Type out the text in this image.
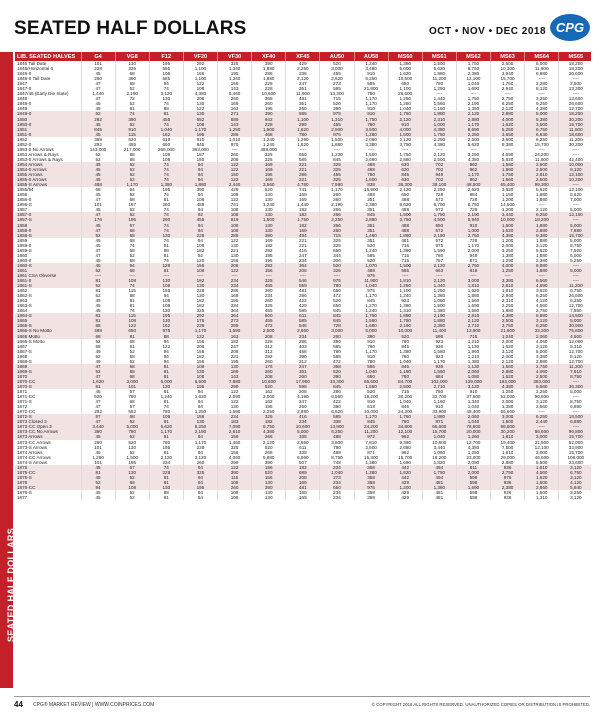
SEATED HALF DOLLARS	OCT • NOV • DEC 2018 CPG
SEATED HALF DOLLARS
LIB. SEATED HALVES	G4	VG8	F12	VF20	VF30	XF40	XF45	AU50	AU58	MS60	MS61	MS62	MS63	MS64	MS65
1846 Tall Date	101	130	195	292	325	390	429	520	1,240	1,380	1,500	1,750	2,500	5,000	18,200
1846/Horizontal 6	228	325	585	1,100	1,340	1,880	2,250	3,000	3,480	5,000	5,620	6,750	10,300	11,800	18,200
1846-0	45	68	108	156	195	286	338	455	910	1,620	1,880	2,380	3,940	6,880	20,600
1846-0 Tall Date	260	390	585	1,100	1,340	1,880	2,120	2,620	6,250	10,600	11,200	12,100	15,700	----	----
1847	47	68	94	122	156	228	247	273	585	650	780	1,040	1,750	2,280	2,500
1847-0	47	52	74	108	143	228	351	585	21,800	1,100	1,250	1,690	2,940	8,120	13,300
1847/46 (Early Die State)	1,440	2,190	3,120	4,380	6,460	10,600	11,800	13,300	780	26,600	----	----	----	----	----
1848	47	72	130	208	260	358	481	715	1,170	1,250	1,440	1,750	2,750	3,250	13,600
1848-0	45	52	74	130	169	260	351	520	1,170	1,250	1,560	2,190	6,250	9,250	26,600
1849	45	81	88	122	163	195	260	390	910	1,040	1,160	1,350	2,120	4,380	12,700
1849-0	52	74	81	130	271	390	585	975	910	1,750	1,880	2,120	2,880	5,000	18,200
1850	292	390	455	552	689	942	1,100	1,310	1,750	2,120	2,310	2,880	4,000	5,380	30,200
1850-0	45	52	74	108	143	228	299	455	780	910	1,000	1,170	1,620	3,500	15,700
1851	845	910	1,040	1,170	1,250	1,500	1,620	2,500	3,500	4,000	4,380	8,690	5,250	6,750	11,500
1851-0	45	115	162	195	286	468	780	975	1,280	1,500	1,750	2,250	3,650	6,630	18,600
1852	358	520	618	910	1,010	1,240	1,290	1,500	2,060	2,120	2,250	2,500	3,500	6,250	11,200
1852-0	292	455	650	845	975	1,240	1,620	1,880	3,380	3,750	4,380	5,620	9,380	15,700	30,200
1853-0 No Arrows	143,000	217,000	266,000	363,000	----	488,000	----	----	----	----	----	----	----	----	----
1853 Arrows & Rays	52	88	108	187	260	325	650	1,230	1,500	1,750	2,120	3,250	4,690	24,200	----
1853-0 Arrows & Rays	52	88	108	150	208	325	585	845	2,690	2,880	2,500	4,380	5,620	11,600	42,400
1854 Arrows	45	52	74	94	122	169	221	325	468	630	702	962	1,560	2,500	10,000
1854-0 Arrows	45	52	74	94	122	169	221	325	468	630	702	962	1,560	2,500	8,120
1855 Arrows	45	52	74	94	150	195	286	455	780	845	949	1,170	1,750	2,810	12,100
1855-0 Arrows	45	52	74	94	122	169	221	325	1,500	630	702	962	1,560	2,500	10,200
1855-S Arrows	488	1,170	1,380	1,880	2,440	3,560	4,760	7,590	838	36,300	38,100	48,500	65,400	99,300	----
1855/54	68	94	195	390	429	520	741	1,170	16,900	2,120	2,250	2,620	3,620	5,620	12,100
1856	45	52	74	94	108	130	169	260	488	650	728	884	1,150	1,880	5,620
1856-0	47	68	81	108	122	130	169	260	351	488	572	728	1,200	1,880	7,000
1856-S	101	167	260	488	741	1,240	1,440	2,190	2,380	6,620	6,750	8,750	14,500	----	----
1857	45	52	74	94	108	130	182	266	351	488	572	728	1,200	2,120	5,000
1857-0	47	52	74	92	108	130	182	266	845	1,500	1,750	2,190	3,440	6,250	12,100
1857-S	176	195	260	455	819	1,500	1,750	2,250	2,880	3,750	4,500	5,940	10,000	18,200	----
1858	45	57	74	94	108	130	182	266	351	488	650	910	1,500	1,880	5,000
1858-0	47	68	74	94	108	130	169	260	351	488	572	1,000	1,620	2,880	7,880
1858-S	52	68	130	228	286	390	494	715	1,460	1,880	2,190	2,750	4,380	9,380	15,700
1859	45	68	74	94	122	169	221	325	351	481	572	728	1,200	1,880	5,000
1859-0	45	74	81	108	130	182	221	325	520	715	975	1,170	2,000	3,120	8,750
1859-S	47	68	88	182	221	292	416	650	1,240	1,380	1,590	2,000	3,250	5,620	7,500
1860	47	52	81	92	130	195	247	344	585	715	780	949	1,380	1,880	5,000
1860-0	45	68	74	120	156	195	234	306	520	715	767	871	1,290	2,380	5,250
1860-S	45	94	129	156	208	292	364	520	1,070	1,500	2,120	2,750	4,000	6,880	----
1861	52	68	81	108	122	156	208	325	488	585	663	819	1,250	1,880	5,000
1861 CSA Obverse	----	----	----	----	----	----	----	----	975	----	----	----	----	----	----
1861-0	81	108	130	182	234	325	546	975	11,900	1,810	2,120	3,000	3,380	6,560	----
1861-S	52	74	108	130	234	455	559	780	1,040	1,250	1,440	1,810	2,810	4,690	11,200
1862	81	115	156	228	286	390	481	650	975	1,100	1,250	1,620	1,810	3,620	6,750
1862-S	52	88	94	130	169	234	286	472	1,170	1,240	1,380	1,880	2,940	6,250	26,600
1863	45	81	108	182	195	260	422	520	845	923	1,080	1,560	2,310	4,120	6,250
1863-S	45	81	108	182	234	325	429	650	1,270	1,380	1,500	1,690	2,250	4,560	12,700
1864	45	74	130	325	364	455	585	845	1,240	1,310	1,380	1,560	1,880	2,750	7,550
1864-S	81	115	195	292	364	500	611	845	1,750	1,880	2,190	2,810	4,380	6,880	14,500
1865	81	108	130	176	273	455	585	845	1,560	1,750	1,880	2,120	2,500	3,120	5,000
1865-S	88	122	162	228	299	472	546	728	1,680	2,190	2,380	2,710	3,750	6,250	30,900
1866-S No Motto	488	650	975	1,170	1,590	2,500	2,660	3,000	5,000	10,000	11,400	13,900	21,800	33,300	75,800
1866 Motto	68	81	88	122	163	208	234	260	390	520	598	715	1,040	2,060	4,500
1866-S Motto	52	68	94	156	182	228	286	390	910	780	923	1,210	2,000	4,060	12,000
1867	68	81	122	208	247	312	403	585	780	845	936	1,130	1,620	3,120	5,310
1867-S	49	52	94	156	208	312	468	780	1,170	1,380	1,580	1,960	3,120	5,000	12,700
1868	52	68	94	182	221	292	390	585	910	780	923	1,210	2,000	3,380	8,120
1868-S	49	52	94	156	195	260	312	472	780	1,040	1,170	1,380	2,120	3,880	12,700
1869	47	68	81	108	130	176	247	358	585	845	936	1,130	1,560	2,750	11,200
1869-S	52	68	81	130	169	260	351	520	1,040	1,180	1,560	2,060	2,880	4,060	7,810
1870	47	68	81	108	143	208	260	390	650	780	884	1,080	1,620	2,500	8,750
1870-CC	1,620	3,000	5,000	6,500	7,880	10,600	17,900	33,300	66,600	84,700	102,000	139,000	193,000	363,000	----
1870-S	81	101	130	195	299	520	598	845	1,560	2,500	2,710	3,120	4,380	6,560	36,300
1871	45	57	81	94	122	162	208	286	520	715	780	910	1,250	2,250	5,000
1871-CC	520	780	1,240	1,620	2,090	3,000	4,190	6,560	18,200	30,200	32,700	37,500	52,000	90,800	----
1871-S	47	68	81	94	122	162	247	422	910	1,040	1,160	1,340	2,000	3,120	8,750
1872	47	57	74	94	130	195	260	390	618	845	910	1,040	1,380	2,560	6,880
1872-CC	292	552	780	1,250	1,590	2,250	2,880	6,620	10,000	24,200	33,900	48,400	66,600	----	----
1872-S	57	68	108	156	234	325	416	585	1,170	1,760	1,880	2,060	3,000	6,250	18,500
1873 Closed 3	47	52	81	130	183	182	234	338	845	780	871	1,040	1,500	2,440	6,880
1873-CC Open 3	3,440	5,000	5,620	8,250	7,090	8,750	10,600	13,900	24,200	34,800	66,600	78,600	96,800	----	----
1873-CC No Arrows	390	780	1,170	2,190	2,910	4,380	5,000	6,250	11,200	12,100	15,700	20,000	30,200	66,600	96,800
1873 Arrows	45	52	81	94	156	266	338	488	972	962	1,040	1,260	1,810	3,000	15,700
1873-CC Arrows	260	520	780	1,170	1,460	2,120	2,650	3,600	7,810	9,380	10,600	12,700	19,400	31,500	52,000
1873-S Arrows	101	130	195	228	325	520	611	780	2,500	2,680	3,440	4,380	7,500	12,100	33,900
1874 Arrows	45	52	81	94	156	266	338	488	871	962	1,060	1,250	1,810	3,000	15,700
1874-CC Arrows	1,250	1,500	2,120	3,120	4,060	5,880	6,860	8,750	15,300	15,700	18,200	23,000	29,000	46,600	108,000
1874-S Arrows	101	195	234	260	299	390	507	748	1,380	1,690	1,820	2,090	2,880	5,500	23,600
1875	45	57	74	94	122	156	182	234	358	442	494	611	936	1,810	3,120
1875-CC	81	130	228	325	390	520	689	1,040	1,380	1,620	1,750	2,000	2,750	4,560	6,750
1875-S	45	52	81	94	115	156	208	273	358	442	494	598	975	1,620	3,120
1876	52	68	81	94	108	130	169	234	358	429	481	598	936	1,500	4,120
1876-CC	94	108	130	195	260	390	481	650	975	1,200	1,380	1,690	2,380	2,860	5,940
1876-S	45	52	88	94	108	130	169	234	358	429	481	598	936	1,500	3,250
1877	45	52	81	94	108	130	169	234	358	429	481	598	936	1,310	3,120
44 CPG® MARKET REVIEW | WWW.COINPRICES.COM	© COPYRIGHT 2018 ALL RIGHTS RESERVED. UNAUTHORIZED COPIES OR DISTRIBUTION IS PROHIBITED.
